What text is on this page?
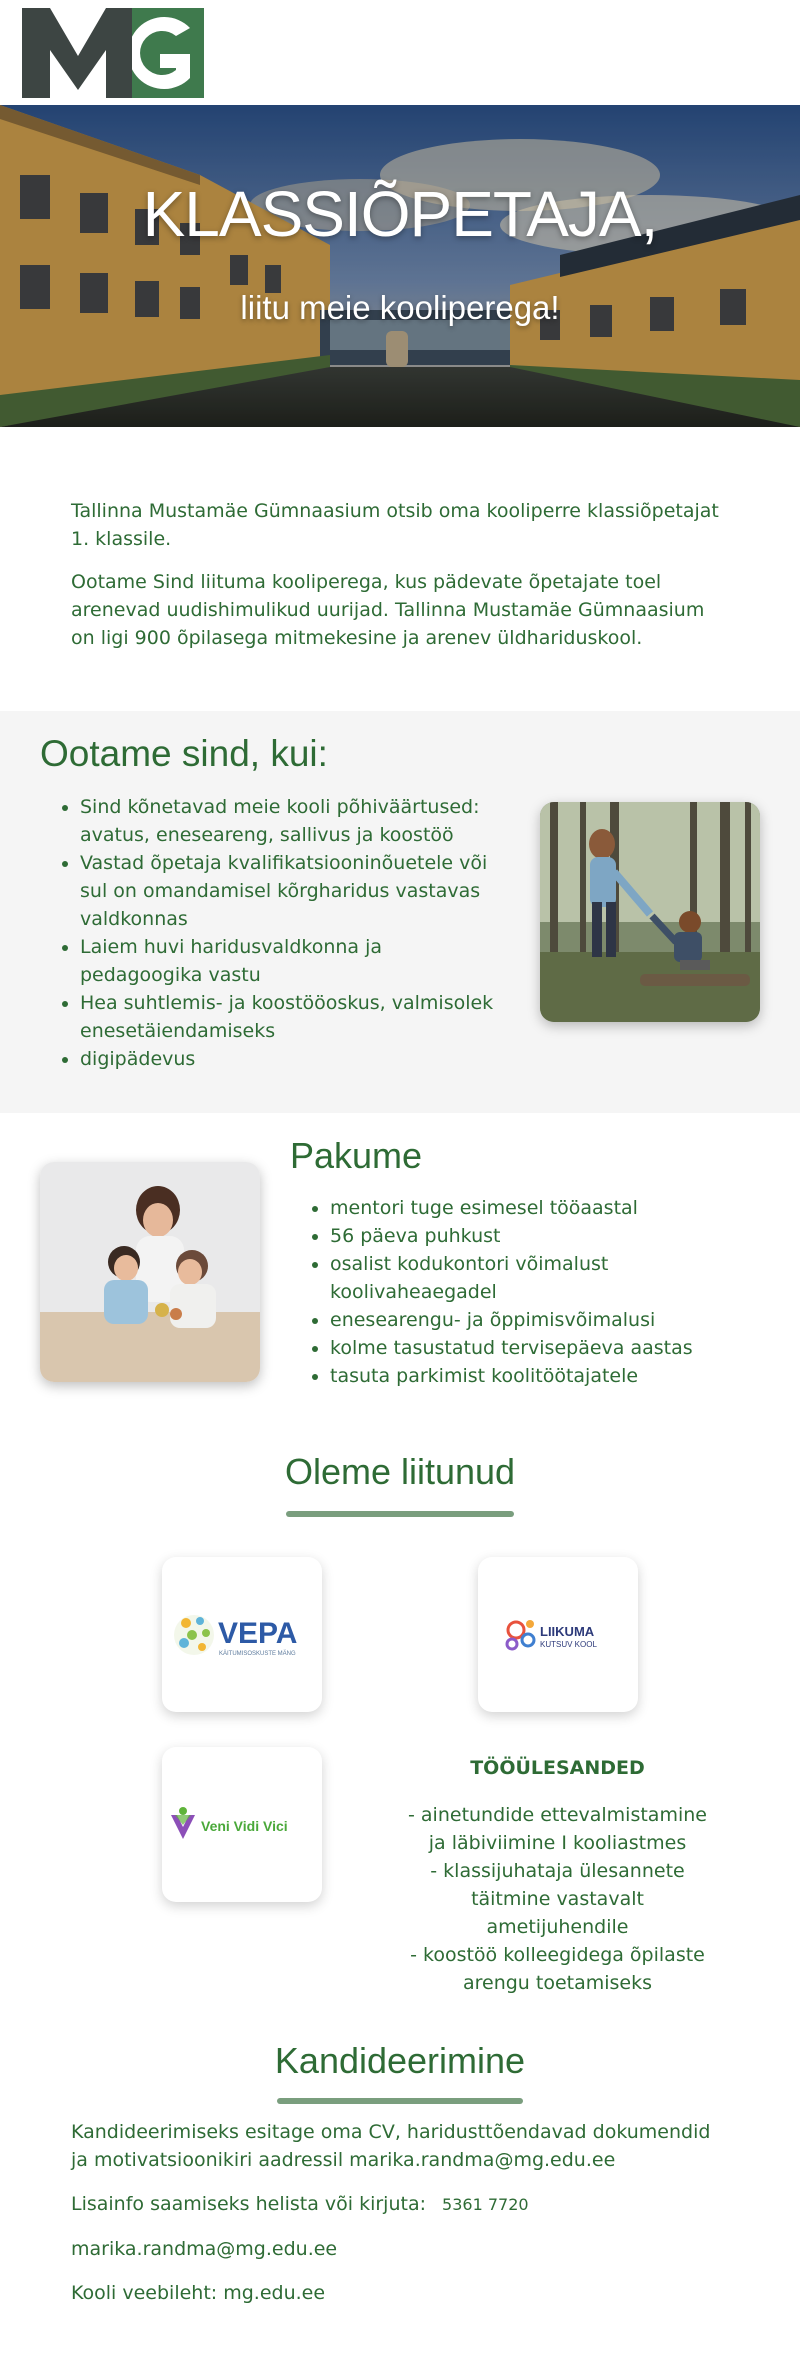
KLASSIÕPETAJA,
liitu meie kooliperega!

Tallinna Mustamäe Gümnaasium otsib oma kooliperre klassiõpetajat 1. klassile.

Ootame Sind liituma kooliperega, kus pädevate õpetajate toel arenevad uudishimulikud uurijad. Tallinna Mustamäe Gümnaasium on ligi 900 õpilasega mitmekesine ja arenev üldhariduskool.

Ootame sind, kui:
• Sind kõnetavad meie kooli põhiväärtused: avatus, eneseareng, sallivus ja koostöö
• Vastad õpetaja kvalifikatsiooninõuetele või sul on omandamisel kõrgharidus vastavas valdkonnas
• Laiem huvi haridusvaldkonna ja pedagoogika vastu
• Hea suhtlemis- ja koostööoskus, valmisolek enesetäiendamiseks
• digipädevus
Pakume
• mentori tuge esimesel tööaastal
• 56 päeva puhkust
• osalist kodukontori võimalust koolivaheaegadel
• enesearengu- ja õppimisvõimalusi
• kolme tasustatud tervisepäeva aastas
• tasuta parkimist koolitöötajatele
Oleme liitunud
VEPA
KÄITUMISOSKUSTE MÄNG
LIIKUMA
KUTSUV KOOL
Veni Vidi Vici
TÖÖÜLESANDED

- ainetundide ettevalmistamine

ja läbiviimine I kooliastmes

- klassijuhataja ülesannete

täitmine vastavalt ametijuhendile

- koostöö kolleegidega õpilaste

arengu toetamiseks

Kandideerimine

Kandideerimiseks esitage oma CV, haridusttõendavad dokumendid ja motivatsioonikiri aadressil marika.randma@mg.edu.ee

Lisainfo saamiseks helista või kirjuta: 5361 7720

marika.randma@mg.edu.ee

Kooli veebileht: mg.edu.ee
